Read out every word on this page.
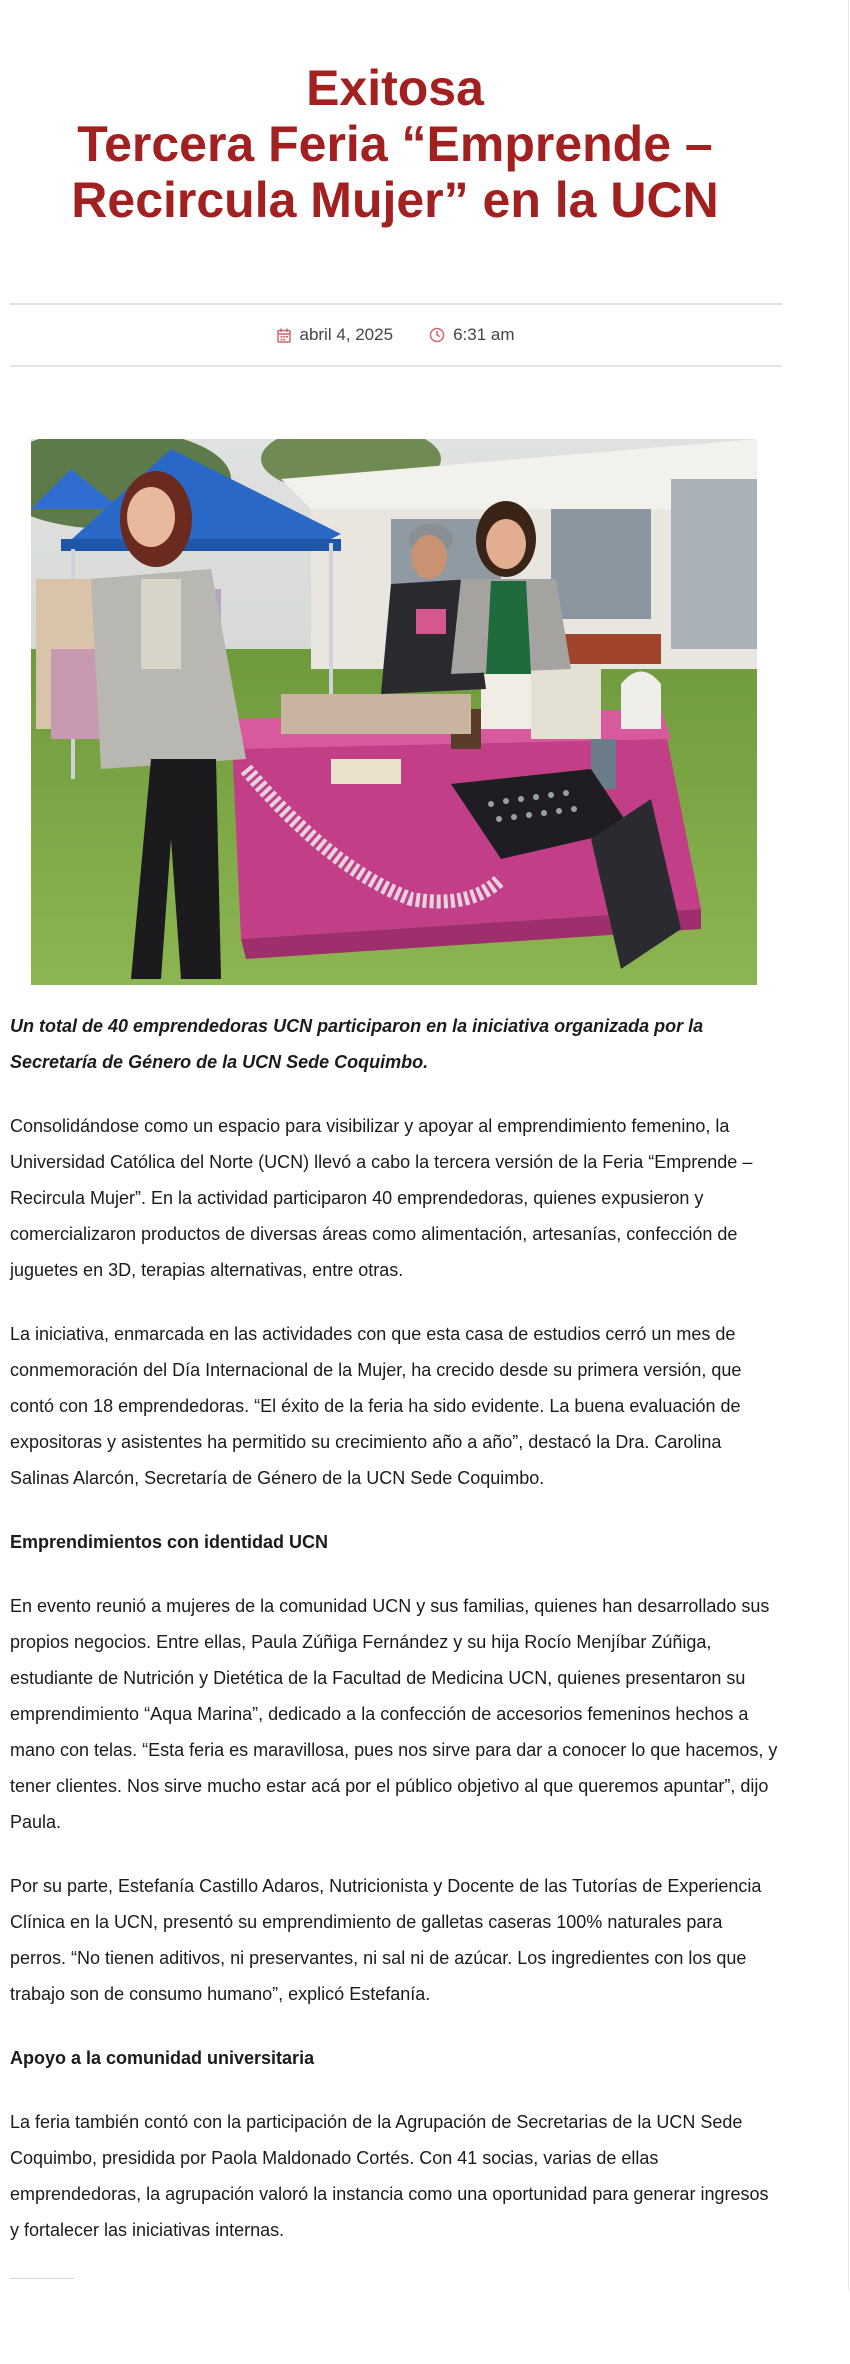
Exitosa
Tercera Feria “Emprende –
Recircula Mujer” en la UCN
abril 4, 2025	6:31 am

Un total de 40 emprendedoras UCN participaron en la iniciativa organizada por la Secretaría de Género de la UCN Sede Coquimbo.

Consolidándose como un espacio para visibilizar y apoyar al emprendimiento femenino, la Universidad Católica del Norte (UCN) llevó a cabo la tercera versión de la Feria “Emprende – Recircula Mujer”. En la actividad participaron 40 emprendedoras, quienes expusieron y comercializaron productos de diversas áreas como alimentación, artesanías, confección de juguetes en 3D, terapias alternativas, entre otras.

La iniciativa, enmarcada en las actividades con que esta casa de estudios cerró un mes de conmemoración del Día Internacional de la Mujer, ha crecido desde su primera versión, que contó con 18 emprendedoras. “El éxito de la feria ha sido evidente. La buena evaluación de expositoras y asistentes ha permitido su crecimiento año a año”, destacó la Dra. Carolina Salinas Alarcón, Secretaría de Género de la UCN Sede Coquimbo.

Emprendimientos con identidad UCN

En evento reunió a mujeres de la comunidad UCN y sus familias, quienes han desarrollado sus propios negocios. Entre ellas, Paula Zúñiga Fernández y su hija Rocío Menjíbar Zúñiga, estudiante de Nutrición y Dietética de la Facultad de Medicina UCN, quienes presentaron su emprendimiento “Aqua Marina”, dedicado a la confección de accesorios femeninos hechos a mano con telas. “Esta feria es maravillosa, pues nos sirve para dar a conocer lo que hacemos, y tener clientes. Nos sirve mucho estar acá por el público objetivo al que queremos apuntar”, dijo Paula.

Por su parte, Estefanía Castillo Adaros, Nutricionista y Docente de las Tutorías de Experiencia Clínica en la UCN, presentó su emprendimiento de galletas caseras 100% naturales para perros. “No tienen aditivos, ni preservantes, ni sal ni de azúcar. Los ingredientes con los que trabajo son de consumo humano”, explicó Estefanía.

Apoyo a la comunidad universitaria

La feria también contó con la participación de la Agrupación de Secretarias de la UCN Sede Coquimbo, presidida por Paola Maldonado Cortés. Con 41 socias, varias de ellas emprendedoras, la agrupación valoró la instancia como una oportunidad para generar ingresos y fortalecer las iniciativas internas.
